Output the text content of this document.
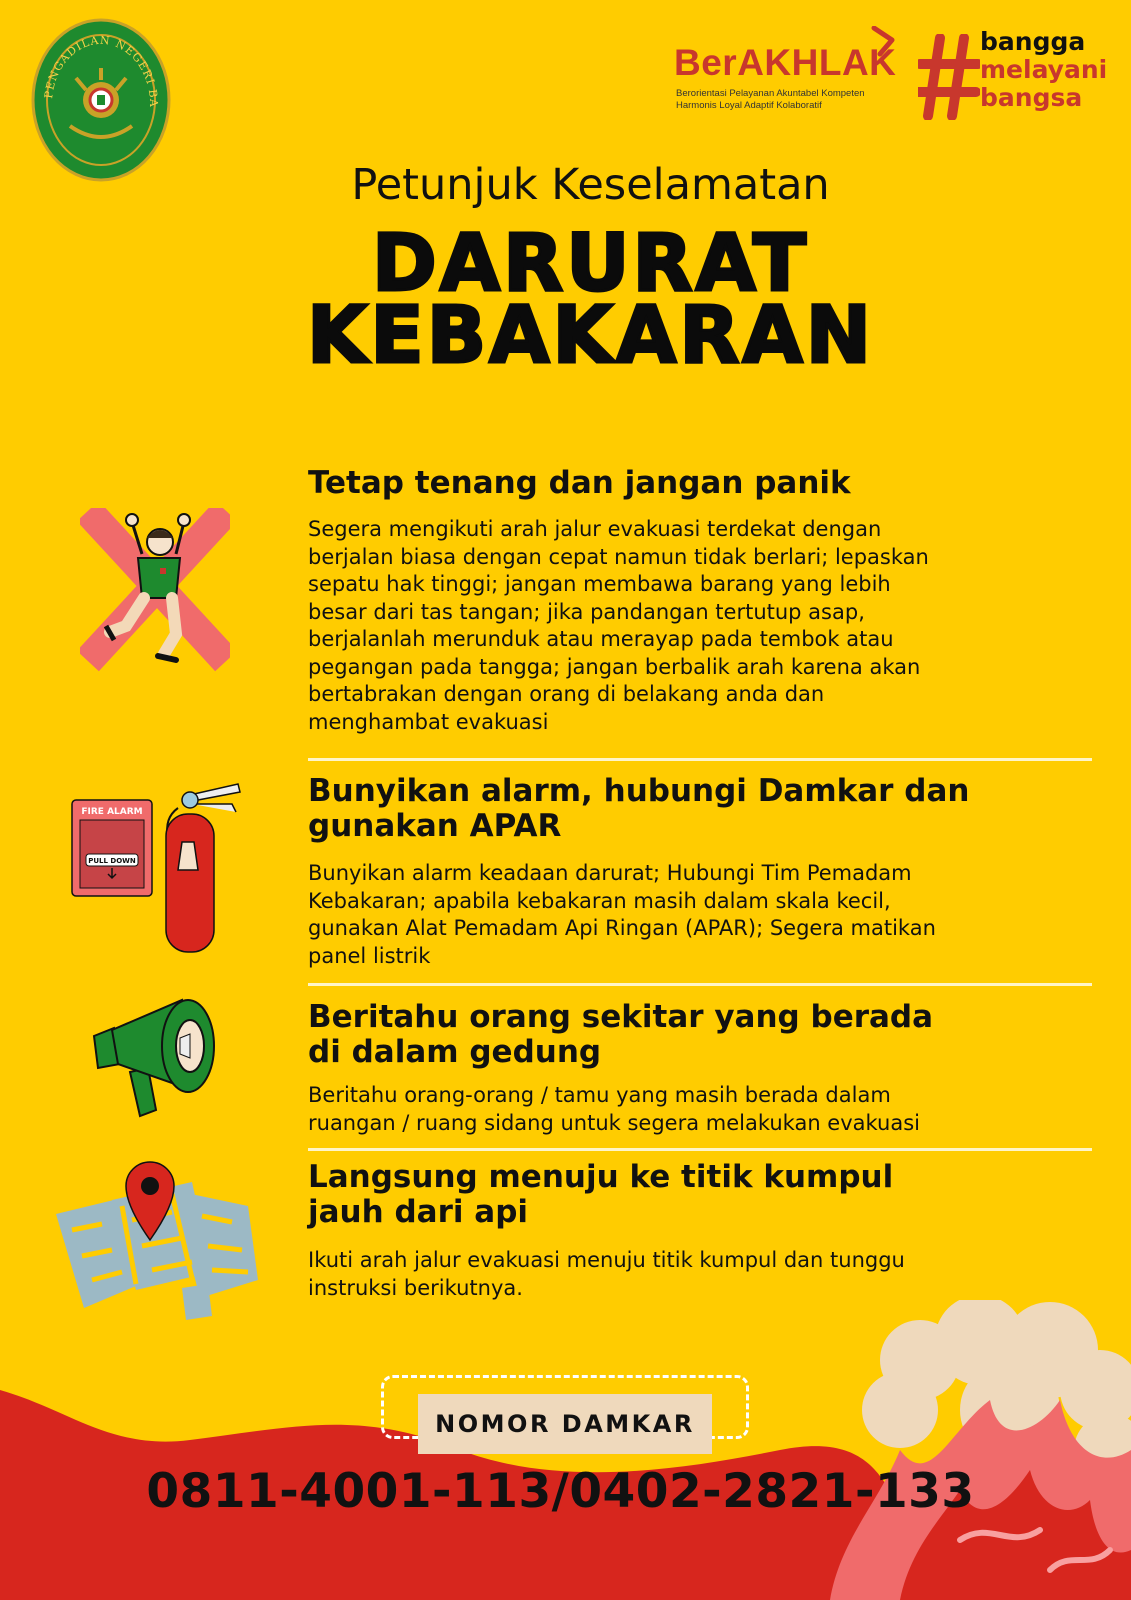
PENGADILAN NEGERI BA
BerAKHLAK
Berorientasi Pelayanan Akuntabel Kompeten
Harmonis Loyal Adaptif Kolaboratif
bangga
melayani
bangsa
Petunjuk Keselamatan
DARURAT
KEBAKARAN
Tetap tenang dan jangan panik

Segera mengikuti arah jalur evakuasi terdekat dengan berjalan biasa dengan cepat namun tidak berlari; lepaskan sepatu hak tinggi; jangan membawa barang yang lebih besar dari tas tangan; jika pandangan tertutup asap, berjalanlah merunduk atau merayap pada tembok atau pegangan pada tangga; jangan berbalik arah karena akan bertabrakan dengan orang di belakang anda dan menghambat evakuasi

FIRE ALARM
PULL DOWN
Bunyikan alarm, hubungi Damkar dan gunakan APAR

Bunyikan alarm keadaan darurat; Hubungi Tim Pemadam Kebakaran; apabila kebakaran masih dalam skala kecil, gunakan Alat Pemadam Api Ringan (APAR); Segera matikan panel listrik

Beritahu orang sekitar yang berada di dalam gedung

Beritahu orang-orang / tamu yang masih berada dalam ruangan / ruang sidang untuk segera melakukan evakuasi

Langsung menuju ke titik kumpul jauh dari api

Ikuti arah jalur evakuasi menuju titik kumpul dan tunggu instruksi berikutnya.

NOMOR DAMKAR
0811-4001-113/0402-2821-133
